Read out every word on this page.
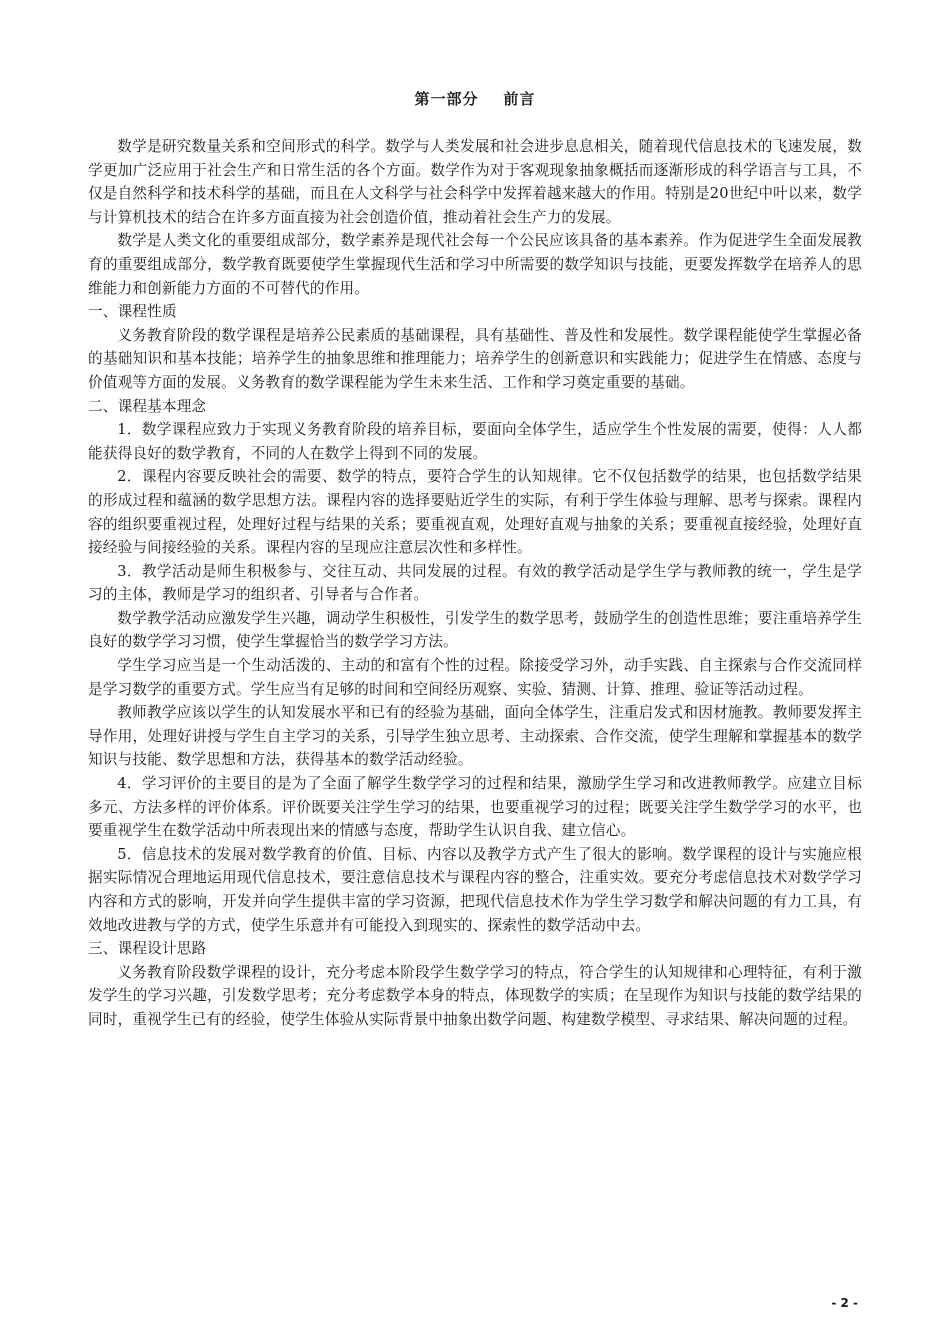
第一部分    前言

数学是研究数量关系和空间形式的科学。数学与人类发展和社会进步息息相关，随着现代信息技术的飞速发展，数学更加广泛应用于社会生产和日常生活的各个方面。数学作为对于客观现象抽象概括而逐渐形成的科学语言与工具，不仅是自然科学和技术科学的基础，而且在人文科学与社会科学中发挥着越来越大的作用。特别是20世纪中叶以来，数学与计算机技术的结合在许多方面直接为社会创造价值，推动着社会生产力的发展。

数学是人类文化的重要组成部分，数学素养是现代社会每一个公民应该具备的基本素养。作为促进学生全面发展教育的重要组成部分，数学教育既要使学生掌握现代生活和学习中所需要的数学知识与技能，更要发挥数学在培养人的思维能力和创新能力方面的不可替代的作用。

一、课程性质

义务教育阶段的数学课程是培养公民素质的基础课程，具有基础性、普及性和发展性。数学课程能使学生掌握必备的基础知识和基本技能；培养学生的抽象思维和推理能力；培养学生的创新意识和实践能力；促进学生在情感、态度与价值观等方面的发展。义务教育的数学课程能为学生未来生活、工作和学习奠定重要的基础。

二、课程基本理念

1．数学课程应致力于实现义务教育阶段的培养目标，要面向全体学生，适应学生个性发展的需要，使得：人人都能获得良好的数学教育，不同的人在数学上得到不同的发展。

2．课程内容要反映社会的需要、数学的特点，要符合学生的认知规律。它不仅包括数学的结果，也包括数学结果的形成过程和蕴涵的数学思想方法。课程内容的选择要贴近学生的实际，有利于学生体验与理解、思考与探索。课程内容的组织要重视过程，处理好过程与结果的关系；要重视直观，处理好直观与抽象的关系；要重视直接经验，处理好直接经验与间接经验的关系。课程内容的呈现应注意层次性和多样性。

3．教学活动是师生积极参与、交往互动、共同发展的过程。有效的教学活动是学生学与教师教的统一，学生是学习的主体，教师是学习的组织者、引导者与合作者。

数学教学活动应激发学生兴趣，调动学生积极性，引发学生的数学思考，鼓励学生的创造性思维；要注重培养学生良好的数学学习习惯，使学生掌握恰当的数学学习方法。

学生学习应当是一个生动活泼的、主动的和富有个性的过程。除接受学习外，动手实践、自主探索与合作交流同样是学习数学的重要方式。学生应当有足够的时间和空间经历观察、实验、猜测、计算、推理、验证等活动过程。

教师教学应该以学生的认知发展水平和已有的经验为基础，面向全体学生，注重启发式和因材施教。教师要发挥主导作用，处理好讲授与学生自主学习的关系，引导学生独立思考、主动探索、合作交流，使学生理解和掌握基本的数学知识与技能、数学思想和方法，获得基本的数学活动经验。

4．学习评价的主要目的是为了全面了解学生数学学习的过程和结果，激励学生学习和改进教师教学。应建立目标多元、方法多样的评价体系。评价既要关注学生学习的结果，也要重视学习的过程；既要关注学生数学学习的水平，也要重视学生在数学活动中所表现出来的情感与态度，帮助学生认识自我、建立信心。

5．信息技术的发展对数学教育的价值、目标、内容以及教学方式产生了很大的影响。数学课程的设计与实施应根据实际情况合理地运用现代信息技术，要注意信息技术与课程内容的整合，注重实效。要充分考虑信息技术对数学学习内容和方式的影响，开发并向学生提供丰富的学习资源，把现代信息技术作为学生学习数学和解决问题的有力工具，有效地改进教与学的方式，使学生乐意并有可能投入到现实的、探索性的数学活动中去。

三、课程设计思路

义务教育阶段数学课程的设计，充分考虑本阶段学生数学学习的特点，符合学生的认知规律和心理特征，有利于激发学生的学习兴趣，引发数学思考；充分考虑数学本身的特点，体现数学的实质；在呈现作为知识与技能的数学结果的同时，重视学生已有的经验，使学生体验从实际背景中抽象出数学问题、构建数学模型、寻求结果、解决问题的过程。

- 2 -
